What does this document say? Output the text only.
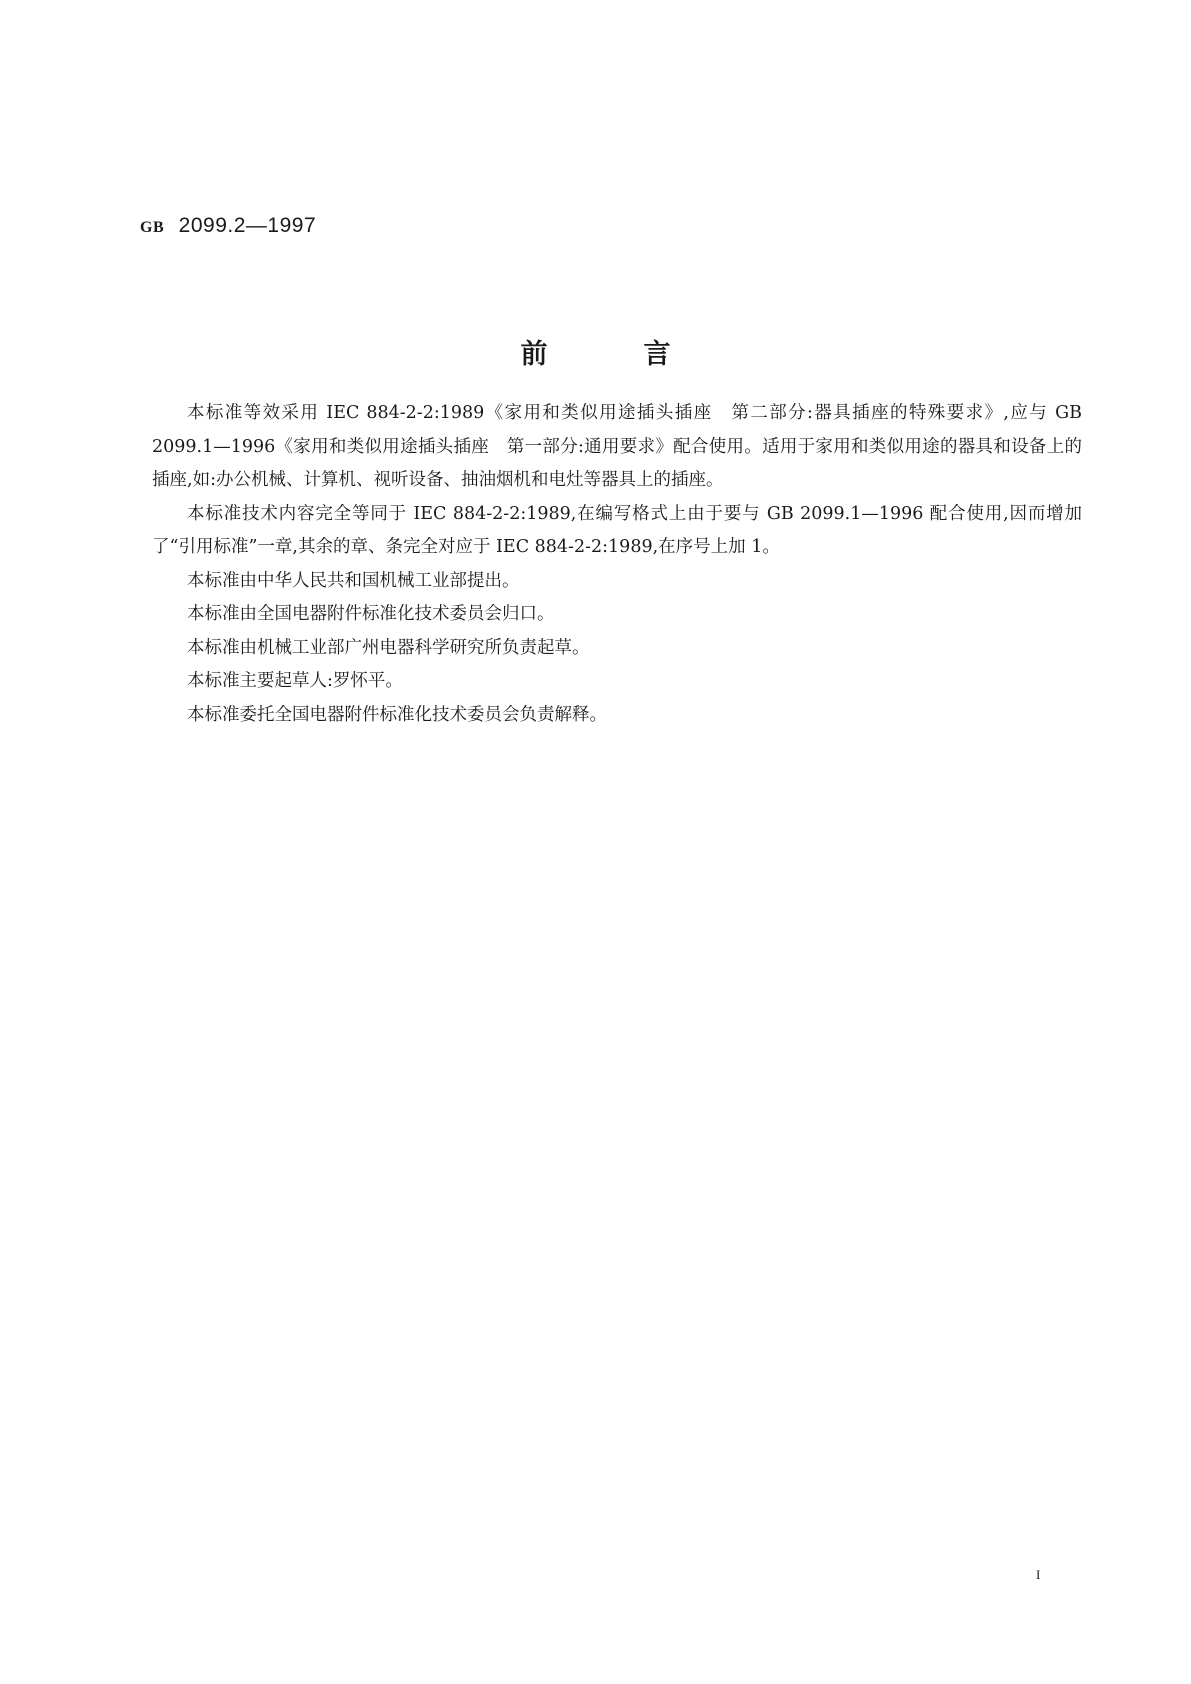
GB 2099.2—1997
前	言

本标准等效采用 IEC 884-2-2:1989《家用和类似用途插头插座　第二部分:器具插座的特殊要求》,应与 GB 2099.1—1996《家用和类似用途插头插座　第一部分:通用要求》配合使用。适用于家用和类似用途的器具和设备上的插座,如:办公机械、计算机、视听设备、抽油烟机和电灶等器具上的插座。

本标准技术内容完全等同于 IEC 884-2-2:1989,在编写格式上由于要与 GB 2099.1—1996 配合使用,因而增加了“引用标准”一章,其余的章、条完全对应于 IEC 884-2-2:1989,在序号上加 1。

本标准由中华人民共和国机械工业部提出。

本标准由全国电器附件标准化技术委员会归口。

本标准由机械工业部广州电器科学研究所负责起草。

本标准主要起草人:罗怀平。

本标准委托全国电器附件标准化技术委员会负责解释。

I
